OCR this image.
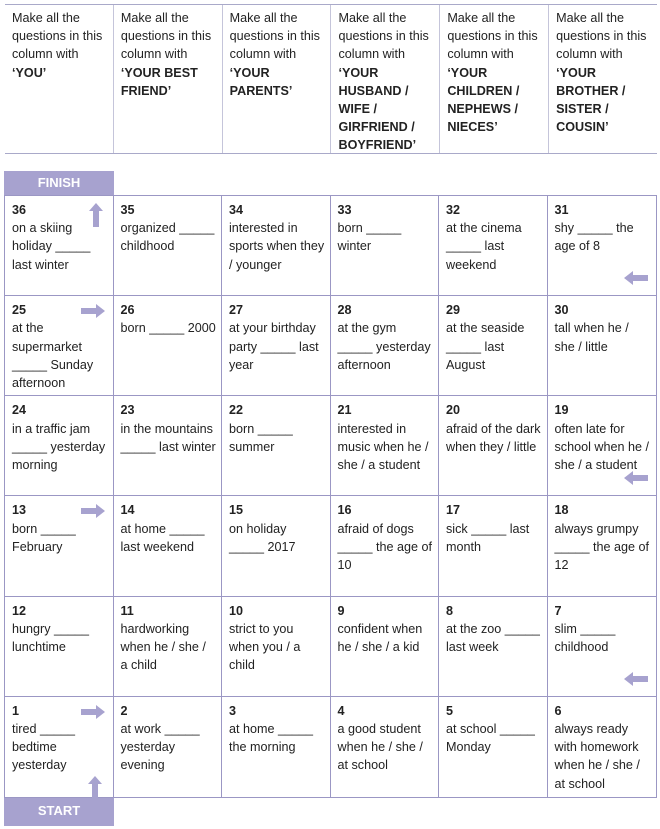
Make all the questions in this column with ‘YOU’
Make all the questions in this column with ‘YOUR BEST FRIEND’
Make all the questions in this column with ‘YOUR PARENTS’
Make all the questions in this column with ‘YOUR HUSBAND / WIFE / GIRFRIEND / BOYFRIEND’
Make all the questions in this column with ‘YOUR CHILDREN / NEPHEWS / NIECES’
Make all the questions in this column with ‘YOUR BROTHER / SISTER / COUSIN’
FINISH
36
on a skiing holiday _____ last winter
35
organized _____ childhood
34
interested in sports when they / younger
33
born _____ winter
32
at the cinema _____ last weekend
31
shy _____ the age of 8
25
at the supermarket _____ Sunday afternoon
26
born _____ 2000
27
at your birthday party _____ last year
28
at the gym _____ yesterday afternoon
29
at the seaside _____ last August
30
tall when he / she / little
24
in a traffic jam _____ yesterday morning
23
in the mountains _____ last winter
22
born _____ summer
21
interested in music when he / she / a student
20
afraid of the dark when they / little
19
often late for school when he / she / a student
13
born _____ February
14
at home _____ last weekend
15
on holiday _____ 2017
16
afraid of dogs _____ the age of 10
17
sick _____ last month
18
always grumpy _____ the age of 12
12
hungry _____ lunchtime
11
hardworking when he / she / a child
10
strict to you when you / a child
9
confident when he / she / a kid
8
at the zoo _____ last week
7
slim _____ childhood
1
tired _____ bedtime yesterday
2
at work _____ yesterday evening
3
at home _____ the morning
4
a good student when he / she / at school
5
at school _____ Monday
6
always ready with homework when he / she / at school
START
